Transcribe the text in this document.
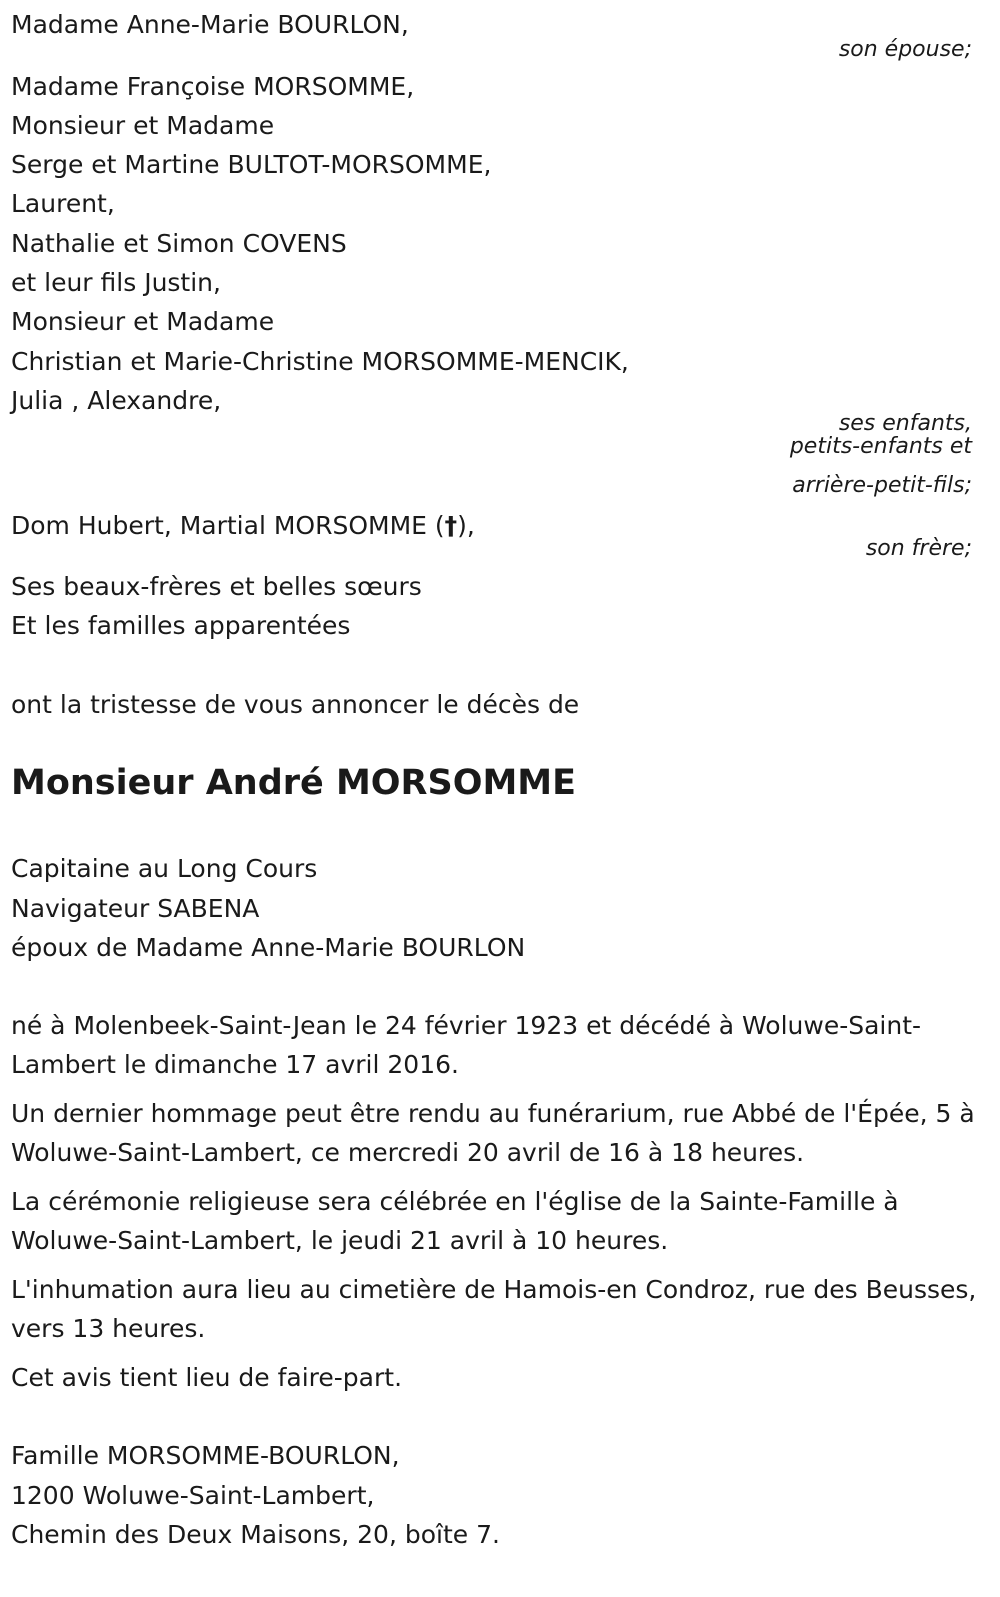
Madame Anne-Marie BOURLON,
son épouse;
Madame Françoise MORSOMME,
Monsieur et Madame
Serge et Martine BULTOT-MORSOMME,
Laurent,
Nathalie et Simon COVENS
et leur fils Justin,
Monsieur et Madame
Christian et Marie-Christine MORSOMME-MENCIK,
Julia , Alexandre,
ses enfants,
petits-enfants et
arrière-petit-fils;
Dom Hubert, Martial MORSOMME (†),
son frère;
Ses beaux-frères et belles sœurs
Et les familles apparentées
ont la tristesse de vous annoncer le décès de
Monsieur André MORSOMME
Capitaine au Long Cours
Navigateur SABENA
époux de Madame Anne-Marie BOURLON
né à Molenbeek-Saint-Jean le 24 février 1923 et décédé à Woluwe-Saint-Lambert le dimanche 17 avril 2016.
Un dernier hommage peut être rendu au funérarium, rue Abbé de l'Épée, 5 à Woluwe-Saint-Lambert, ce mercredi 20 avril de 16 à 18 heures.
La cérémonie religieuse sera célébrée en l'église de la Sainte-Famille à Woluwe-Saint-Lambert, le jeudi 21 avril à 10 heures.
L'inhumation aura lieu au cimetière de Hamois-en Condroz, rue des Beusses, vers 13 heures.
Cet avis tient lieu de faire-part.
Famille MORSOMME-BOURLON,
1200 Woluwe-Saint-Lambert,
Chemin des Deux Maisons, 20, boîte 7.
